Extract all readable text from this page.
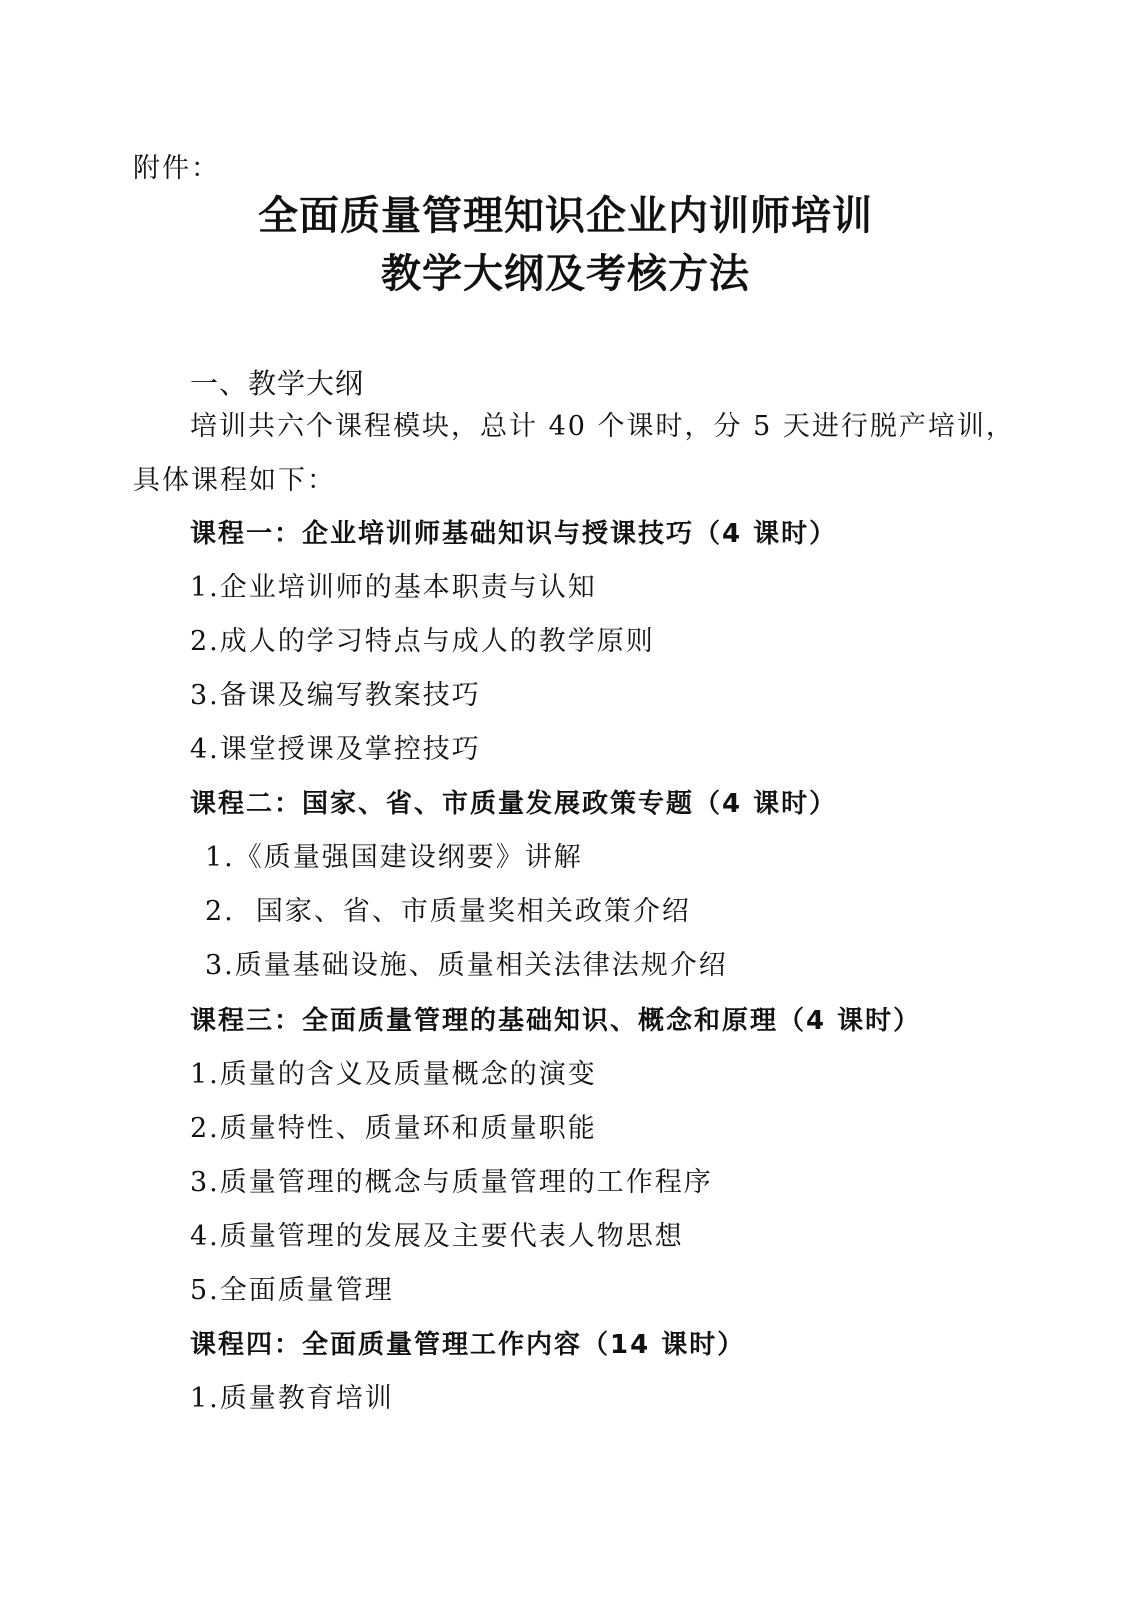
附件：
全面质量管理知识企业内训师培训
教学大纲及考核方法
一、教学大纲
培训共六个课程模块，总计 40 个课时，分 5 天进行脱产培训，
具体课程如下：
课程一：企业培训师基础知识与授课技巧（4 课时）
1.企业培训师的基本职责与认知
2.成人的学习特点与成人的教学原则
3.备课及编写教案技巧
4.课堂授课及掌控技巧
课程二：国家、省、市质量发展政策专题（4 课时）
1.《质量强国建设纲要》讲解
2.  国家、省、市质量奖相关政策介绍
3.质量基础设施、质量相关法律法规介绍
课程三：全面质量管理的基础知识、概念和原理（4 课时）
1.质量的含义及质量概念的演变
2.质量特性、质量环和质量职能
3.质量管理的概念与质量管理的工作程序
4.质量管理的发展及主要代表人物思想
5.全面质量管理
课程四：全面质量管理工作内容（14 课时）
1.质量教育培训
